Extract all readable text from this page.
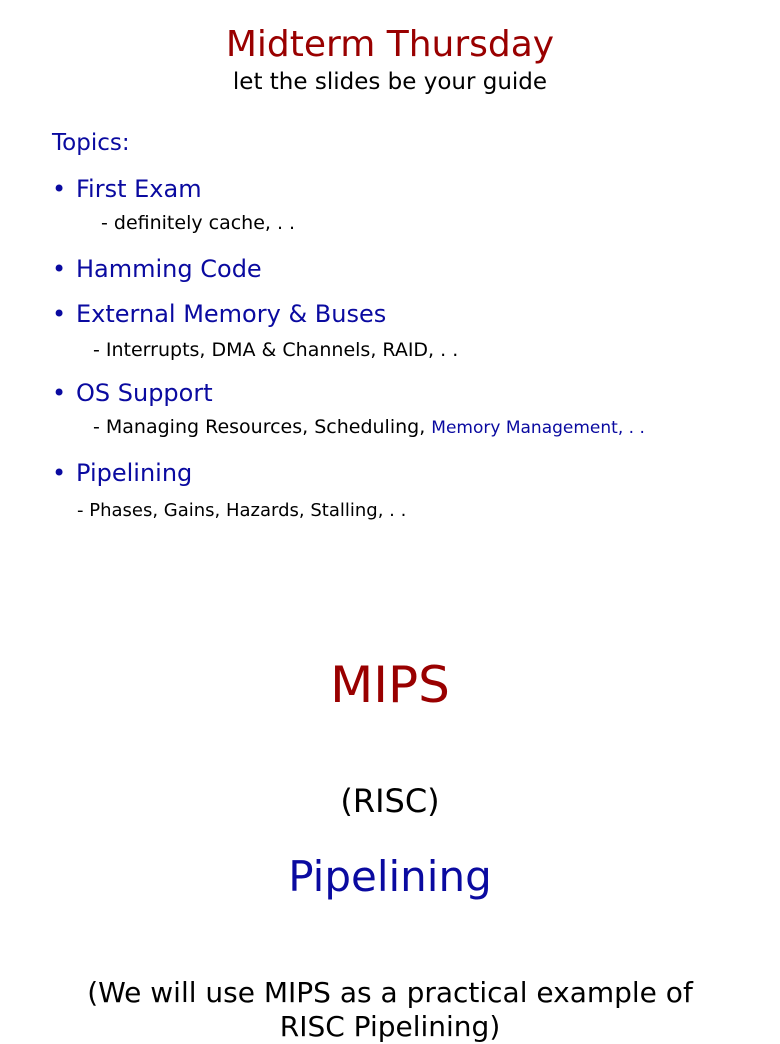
Midterm Thursday
let the slides be your guide
Topics:
• First Exam
- definitely cache, . .
• Hamming Code
• External Memory & Buses
- Interrupts, DMA & Channels, RAID, . .
• OS Support
- Managing Resources, Scheduling, Memory Management, . .
• Pipelining
- Phases, Gains, Hazards, Stalling, . .
MIPS
(RISC)
Pipelining
(We will use MIPS as a practical example of
RISC Pipelining)
